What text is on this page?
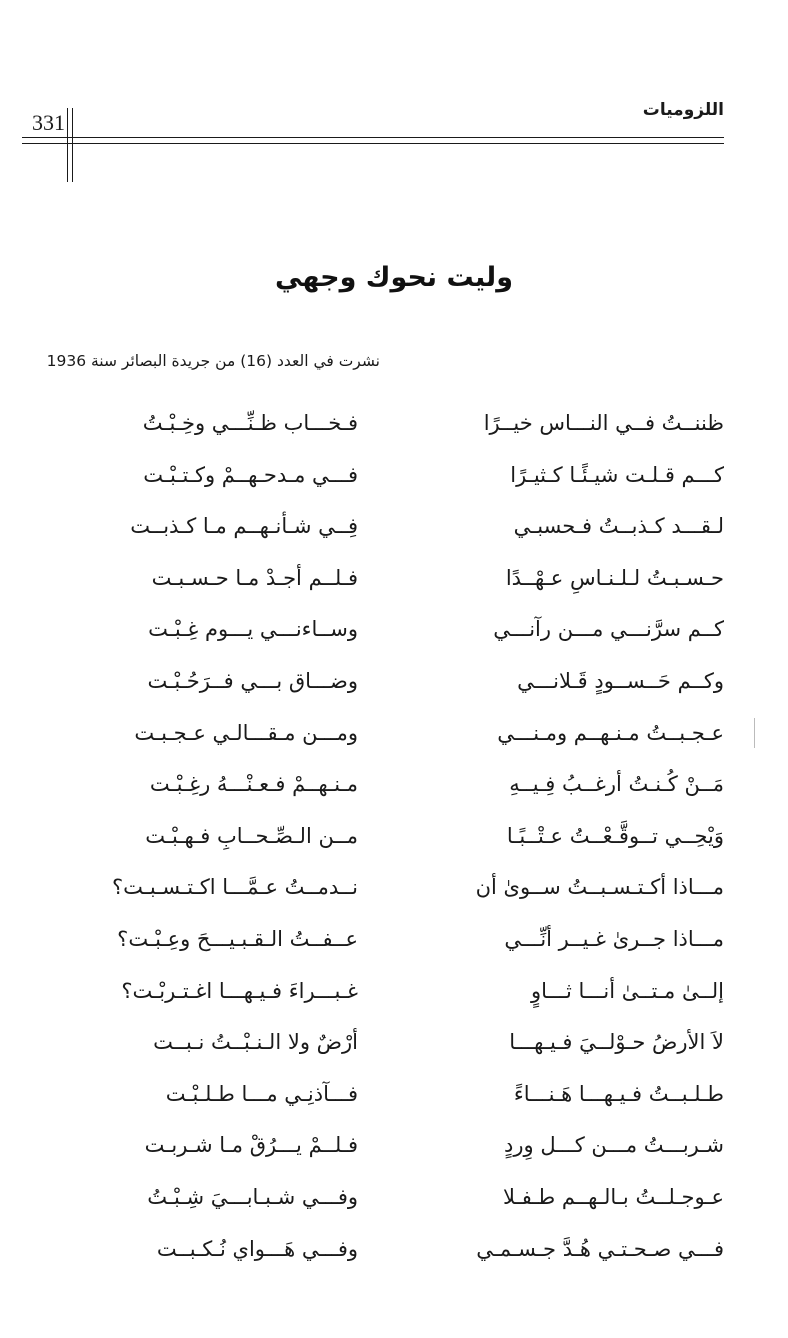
331	اللزوميات
وليت نحوك وجهي
نشرت في العدد (16) من جريدة البصائر سنة 1936
ظننــتُ فــي النـــاس خيــرًا
فـخـــاب ظـنِّـــي وخِـبْـتُ
كـــم قـلـت شيـئًـا كـثيـرًا
فـــي مـدحـهــمْ وكـتـبْـت
لـقـــد كـذبــتُ فـحسبـي
فِــي شـأنـهــم مـا كـذبــت
حـسـبـتُ لـلـنـاسِ عـهْــدًا
فـلــم أجـدْ مـا حـسـبـت
كــم سرَّنـــي مـــن رآنـــي
وســاءنـــي يـــوم غِـبْـت
وكــم حَــســودٍ قَـلانـــي
وضـــاق بـــي فــرَحُـبْـت
عـجـبــتُ مـنـهــم ومـنـــي
ومـــن مـقـــالـي عـجـبـت
مَــنْ كُـنـتُ أرغــبُ فِـيــهِ
مـنـهــمْ فـعـنْـــهُ رغِـبْـت
وَيْحِــي تــوقَّـعْــتُ عـتْــبًـا
مــن الـصِّـحــابِ فـهـبْـت
مـــاذا أكـتـسـبــتُ ســوىٰ أن
نــدمــتُ عـمَّـــا اكـتـسـبـت؟
مـــاذا جــرىٰ غـيــر أنِّـــي
عــفــتُ الـقـبـيـــحَ وعِـبْـت؟
إلــىٰ مـتــىٰ أنـــا ثـــاوٍ
غـبـــراءَ فـيـهـــا اغـتـربْـت؟
لاَ الأرضُ حـوْلــيَ فـيـهـــا
أرْضٌ ولا الـنـبْــتُ نـبــت
طـلـبــتُ فـيـهـــا هَـنـــاءً
فـــآذنِـي مـــا طـلـبْـت
شـربـــتُ مـــن كـــل وِردٍ
فـلــمْ يـــرُقْ مـا شـربـت
عـوجـلــتُ بـالـهــم طـفـلا
وفـــي شـبـابـــيَ شِـبْـتُ
فـــي صـحـتـي هُـدَّ جـسـمـي
وفـــي هَـــواي نُـكـبــت
